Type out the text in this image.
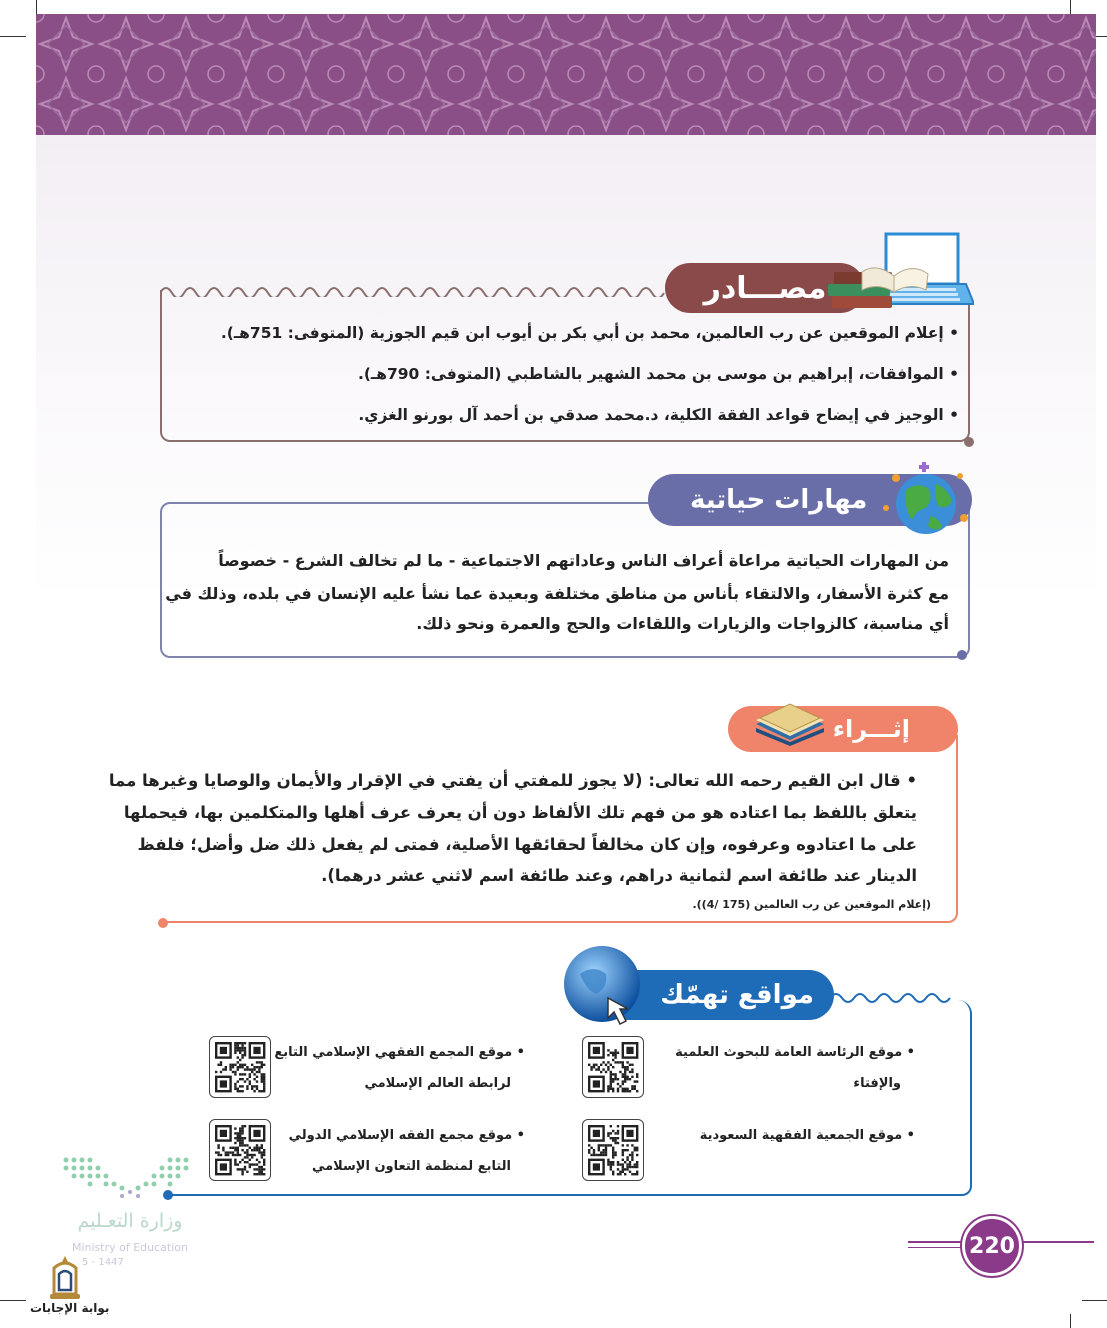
مصـــادر
• إعلام الموقعين عن رب العالمين، محمد بن أبي بكر بن أيوب ابن قيم الجوزية (المتوفى: 751هـ).
• الموافقات، إبراهيم بن موسى بن محمد الشهير بالشاطبي (المتوفى: 790هـ).
• الوجيز في إيضاح قواعد الفقة الكلية، د.محمد صدقي بن أحمد آل بورنو الغزي.
مهارات حياتية
من المهارات الحياتية مراعاة أعراف الناس وعاداتهم الاجتماعية - ما لم تخالف الشرع - خصوصاً
مع كثرة الأسفار، والالتقاء بأناس من مناطق مختلفة وبعيدة عما نشأ عليه الإنسان في بلده، وذلك في
أي مناسبة، كالزواجات والزيارات واللقاءات والحج والعمرة ونحو ذلك.
إثـــراء
• قال ابن القيم رحمه الله تعالى: (لا يجوز للمفتي أن يفتي في الإقرار والأيمان والوصايا وغيرها مما
يتعلق باللفظ بما اعتاده هو من فهم تلك الألفاظ دون أن يعرف عرف أهلها والمتكلمين بها، فيحملها
على ما اعتادوه وعرفوه، وإن كان مخالفاً لحقائقها الأصلية، فمتى لم يفعل ذلك ضل وأضل؛ فلفظ
الدينار عند طائفة اسم لثمانية دراهم، وعند طائفة اسم لاثني عشر درهما).
(إعلام الموقعين عن رب العالمين (175 /4)).
مواقع تهمّك
• موقع الرئاسة العامة للبحوث العلمية
والإفتاء
• موقع المجمع الفقهي الإسلامي التابع
لرابطة العالم الإسلامي
• موقع الجمعية الفقهية السعودية
• موقع مجمع الفقه الإسلامي الدولي
التابع لمنظمة التعاون الإسلامي
وزارة التعـليم
Ministry of Education
5 - 1447
بوابة الإجابات
220
